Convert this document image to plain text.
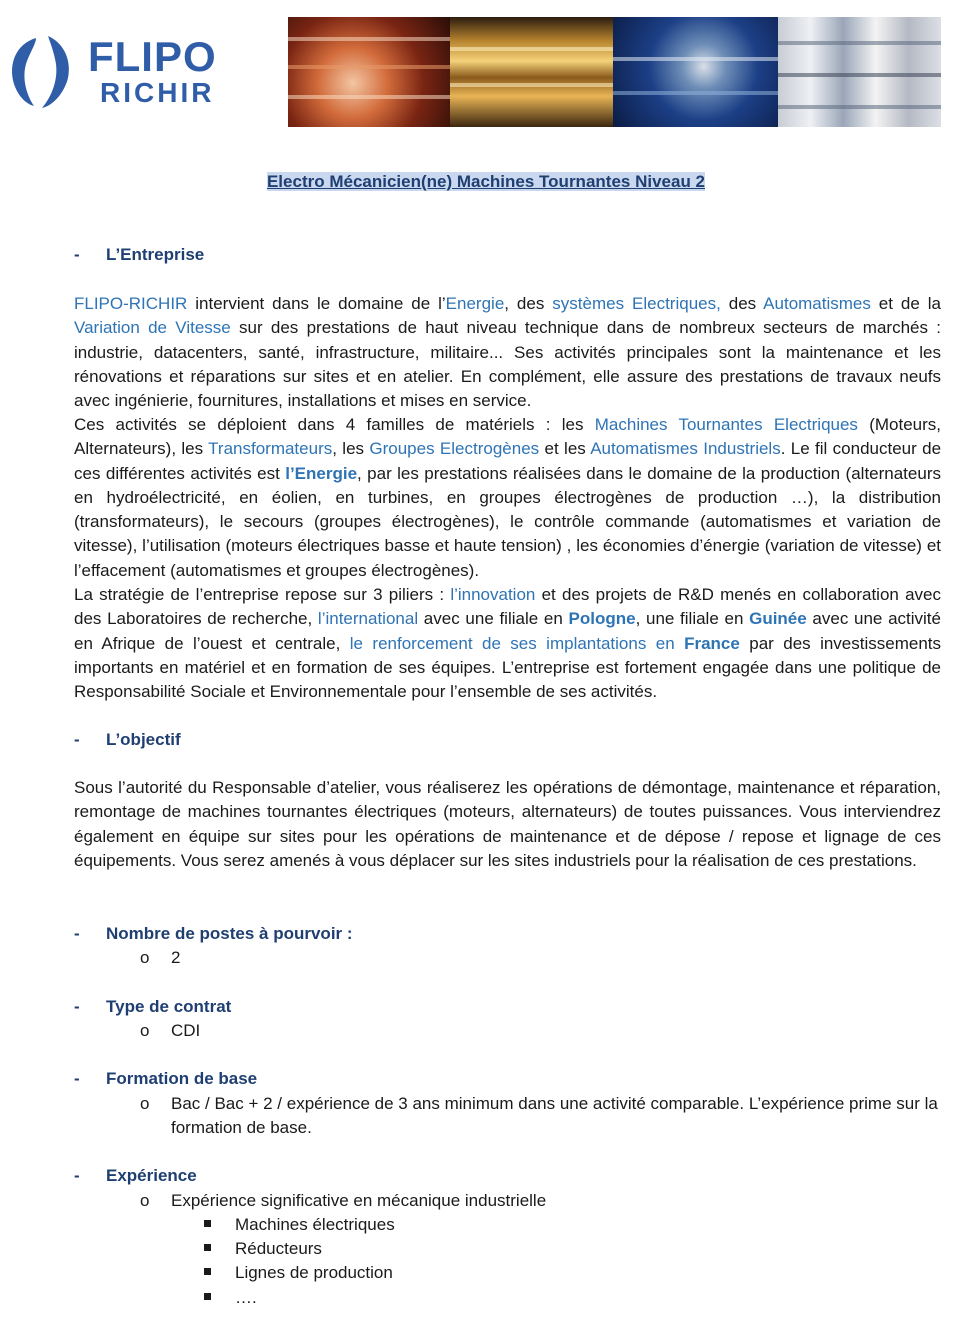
FLIPO
RICHIR
Electro Mécanicien(ne) Machines Tournantes Niveau 2
- L’Entreprise
FLIPO-RICHIR intervient dans le domaine de l’Energie, des systèmes Electriques, des Automatismes et de la Variation de Vitesse sur des prestations de haut niveau technique dans de nombreux secteurs de marchés : industrie, datacenters, santé, infrastructure, militaire... Ses activités principales sont la maintenance et les rénovations et réparations sur sites et en atelier. En complément, elle assure des prestations de travaux neufs avec ingénierie, fournitures, installations et mises en service.
Ces activités se déploient dans 4 familles de matériels : les Machines Tournantes Electriques (Moteurs, Alternateurs), les Transformateurs, les Groupes Electrogènes et les Automatismes Industriels. Le fil conducteur de ces différentes activités est l’Energie, par les prestations réalisées dans le domaine de la production (alternateurs en hydroélectricité, en éolien, en turbines, en groupes électrogènes de production …), la distribution (transformateurs), le secours (groupes électrogènes), le contrôle commande (automatismes et variation de vitesse), l’utilisation (moteurs électriques basse et haute tension) , les économies d’énergie (variation de vitesse) et l’effacement (automatismes et groupes électrogènes).
La stratégie de l’entreprise repose sur 3 piliers : l’innovation et des projets de R&D menés en collaboration avec des Laboratoires de recherche, l’international avec une filiale en Pologne, une filiale en Guinée avec une activité en Afrique de l’ouest et centrale, le renforcement de ses implantations en France par des investissements importants en matériel et en formation de ses équipes. L’entreprise est fortement engagée dans une politique de Responsabilité Sociale et Environnementale pour l’ensemble de ses activités.
- L’objectif
Sous l’autorité du Responsable d’atelier, vous réaliserez les opérations de démontage, maintenance et réparation, remontage de machines tournantes électriques (moteurs, alternateurs) de toutes puissances. Vous interviendrez également en équipe sur sites pour les opérations de maintenance et de dépose / repose et lignage de ces équipements. Vous serez amenés à vous déplacer sur les sites industriels pour la réalisation de ces prestations.
- Nombre de postes à pourvoir :
o 2
- Type de contrat
o CDI
- Formation de base
o Bac / Bac + 2 / expérience de 3 ans minimum dans une activité comparable. L’expérience prime sur la formation de base.
- Expérience
o Expérience significative en mécanique industrielle
Machines électriques
Réducteurs
Lignes de production
….
